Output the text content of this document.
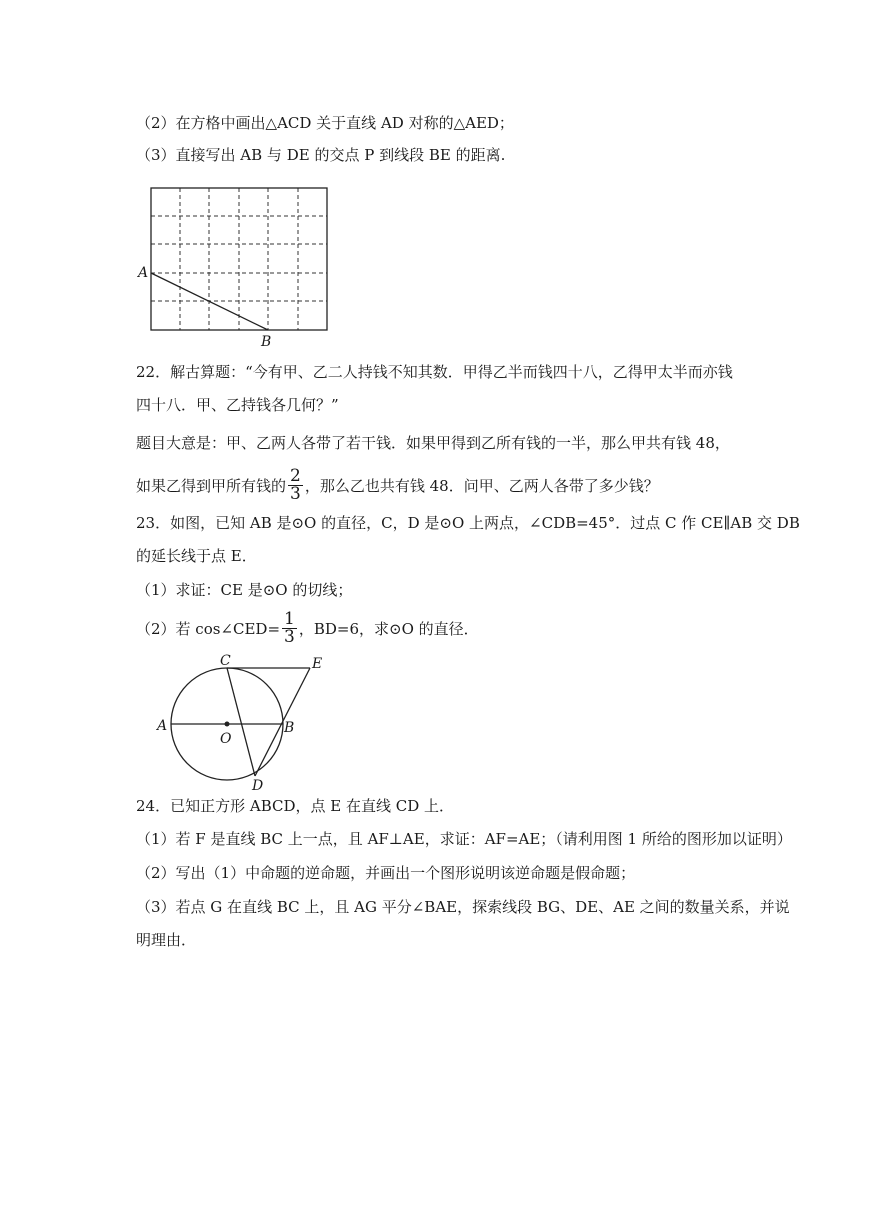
（2）在方格中画出△ACD 关于直线 AD 对称的△AED；
（3）直接写出 AB 与 DE 的交点 P 到线段 BE 的距离.
A
B
22．解古算题：“今有甲、乙二人持钱不知其数．甲得乙半而钱四十八，乙得甲太半而亦钱
四十八．甲、乙持钱各几何？”
题目大意是：甲、乙两人各带了若干钱．如果甲得到乙所有钱的一半，那么甲共有钱 48，
如果乙得到甲所有钱的 $\frac{2}{3}$ ，那么乙也共有钱 48．问甲、乙两人各带了多少钱？
23．如图，已知 AB 是⊙O 的直径，C，D 是⊙O 上两点，∠CDB=45°．过点 C 作 CE∥AB 交 DB
的延长线于点 E．
（1）求证：CE 是⊙O 的切线；
（2）若 cos∠CED= $\frac{1}{3}$ ，BD=6，求⊙O 的直径．
A	B
C
D
E
O
24．已知正方形 ABCD，点 E 在直线 CD 上．
（1）若 F 是直线 BC 上一点，且 AF⊥AE，求证：AF=AE；（请利用图 1 所给的图形加以证明）
（2）写出（1）中命题的逆命题，并画出一个图形说明该逆命题是假命题；
（3）若点 G 在直线 BC 上，且 AG 平分∠BAE，探索线段 BG、DE、AE 之间的数量关系，并说
明理由．
